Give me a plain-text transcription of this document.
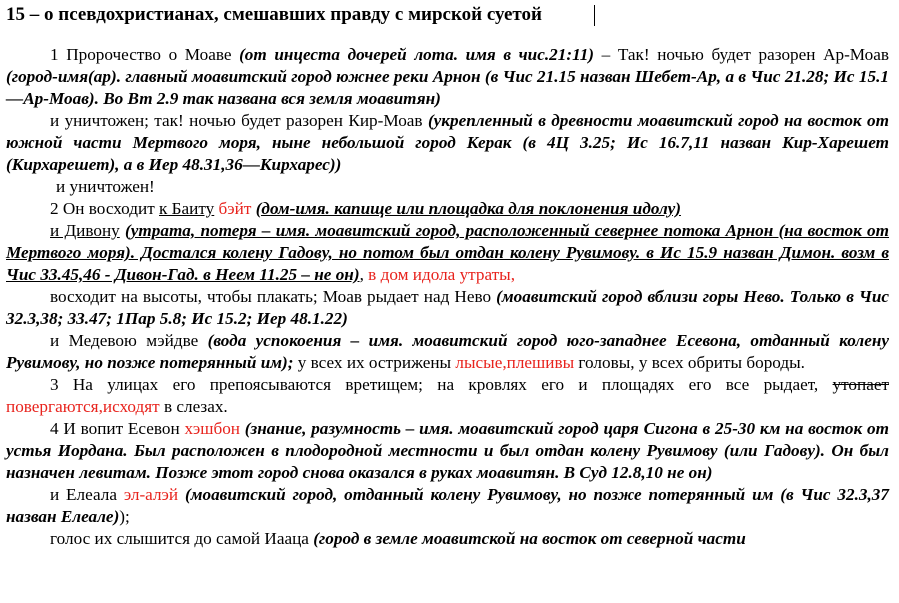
15 – о псевдохристианах, смешавших правду с мирской суетой

1 Пророчество о Моаве (от инцеста дочерей лота. имя в чис.21:11) – Так! ночью будет разорен Ар-Моав (город-имя(ар). главный моавитский город южнее реки Арнон (в Чис 21.15 назван Шебет-Ар, а в Чис 21.28; Ис 15.1—Ар-Моав). Во Вт 2.9 так названа вся земля моавитян)

и уничтожен; так! ночью будет разорен Кир-Моав (укрепленный в древности моавитский город на восток от южной части Мертвого моря, ныне небольшой город Керак (в 4Ц 3.25; Ис 16.7,11 назван Кир-Харешет (Кирхарешет), а в Иер 48.31,36—Кирхарес))

и уничтожен!

2 Он восходит к Баиту бэйт (дом-имя. капище или площадка для поклонения идолу)

и Дивону (утрата, потеря – имя. моавитский город, расположенный севернее потока Арнон (на восток от Мертвого моря). Достался колену Гадову, но потом был отдан колену Рувимову. в Ис 15.9 назван Димон. возм в Чис 33.45,46 - Дивон-Гад. в Неем 11.25 – не он), в дом идола утраты,

восходит на высоты, чтобы плакать; Моав рыдает над Нево (моавитский город вблизи горы Нево. Только в Чис 32.3,38; 33.47; 1Пар 5.8; Ис 15.2; Иер 48.1.22)

и Медевою мэйдве (вода успокоения – имя. моавитский город юго-западнее Есевона, отданный колену Рувимову, но позже потерянный им); у всех их острижены лысые,плешивы головы, у всех обриты бороды.

3 На улицах его препоясываются вретищем; на кровлях его и площадях его все рыдает, утопает повергаются,исходят в слезах.

4 И вопит Есевон хэшбон (знание, разумность – имя. моавитский город царя Сигона в 25-30 км на восток от устья Иордана. Был расположен в плодородной местности и был отдан колену Рувимову (или Гадову). Он был назначен левитам. Позже этот город снова оказался в руках моавитян. В Суд 12.8,10 не он)

и Елеала эл-алэй (моавитский город, отданный колену Рувимову, но позже потерянный им (в Чис 32.3,37 назван Елеале));

голос их слышится до самой Иааца (город в земле моавитской на восток от северной части
